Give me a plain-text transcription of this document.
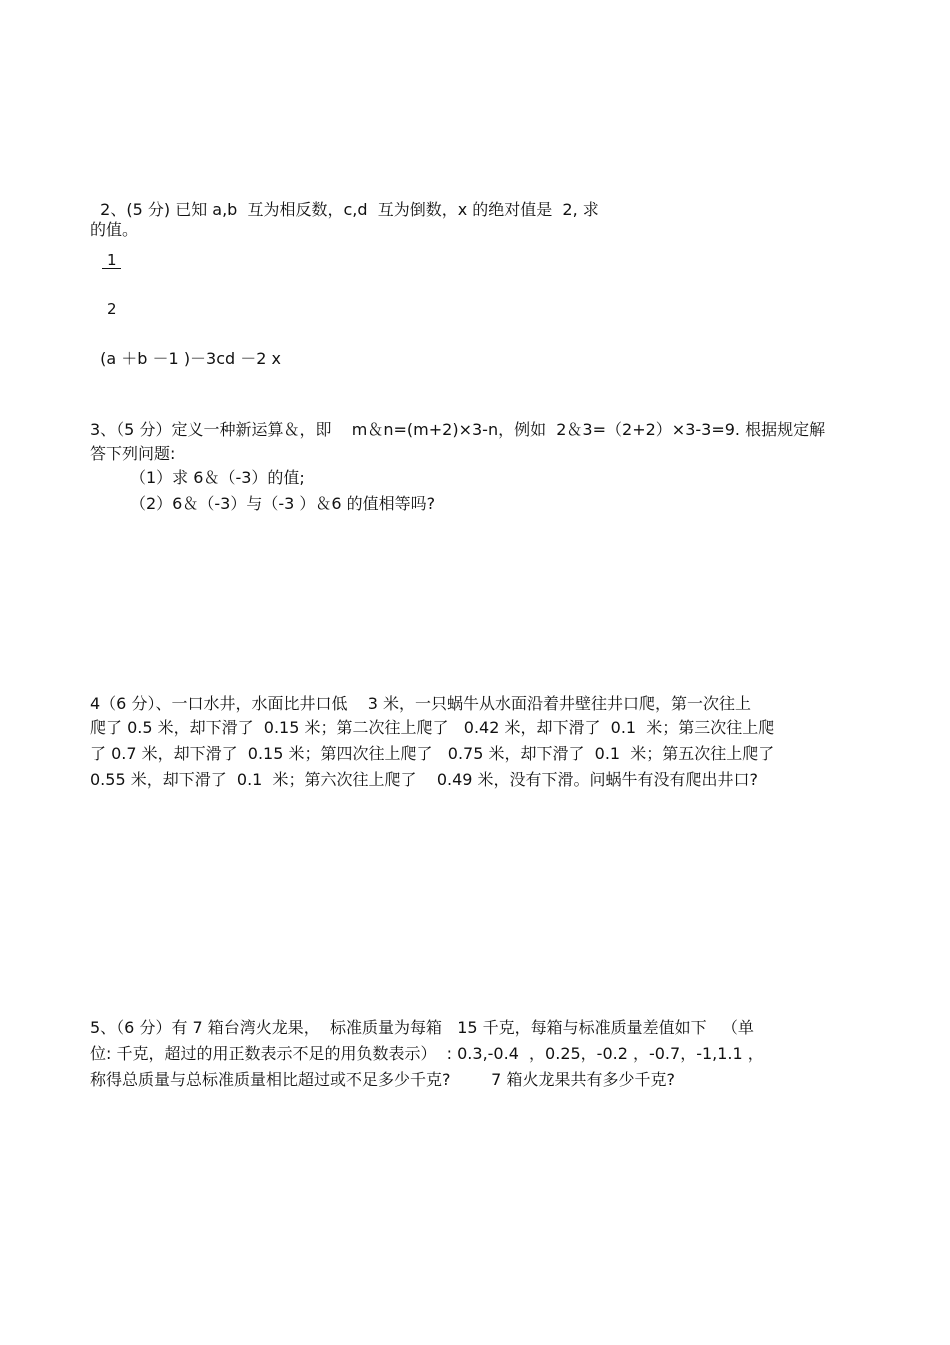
2、(5 分) 已知 a,b  互为相反数，c,d  互为倒数，x 的绝对值是  2, 求

$\frac{1}{2}$

(a ＋b －1 )－3cd －2 x

的值。
3、（5 分）定义一种新运算＆，即    m＆n=(m+2)×3-n，例如  2＆3=（2+2）×3-3=9. 根据规定解
答下列问题:
（1）求 6＆（-3）的值;
（2）6＆（-3）与（-3 ）＆6 的值相等吗?
4（6 分）、一口水井，水面比井口低    3 米，一只蜗牛从水面沿着井壁往井口爬，第一次往上
爬了 0.5 米，却下滑了  0.15 米；第二次往上爬了   0.42 米，却下滑了  0.1  米；第三次往上爬
了 0.7 米，却下滑了  0.15 米；第四次往上爬了   0.75 米，却下滑了  0.1  米；第五次往上爬了
0.55 米，却下滑了  0.1  米；第六次往上爬了    0.49 米，没有下滑。问蜗牛有没有爬出井口?
5、（6 分）有 7 箱台湾火龙果，  标准质量为每箱   15 千克，每箱与标准质量差值如下   （单
位: 千克，超过的用正数表示不足的用负数表示）  : 0.3,-0.4  ，0.25，-0.2 ，-0.7，-1,1.1 ，
称得总质量与总标准质量相比超过或不足多少千克?        7 箱火龙果共有多少千克?
